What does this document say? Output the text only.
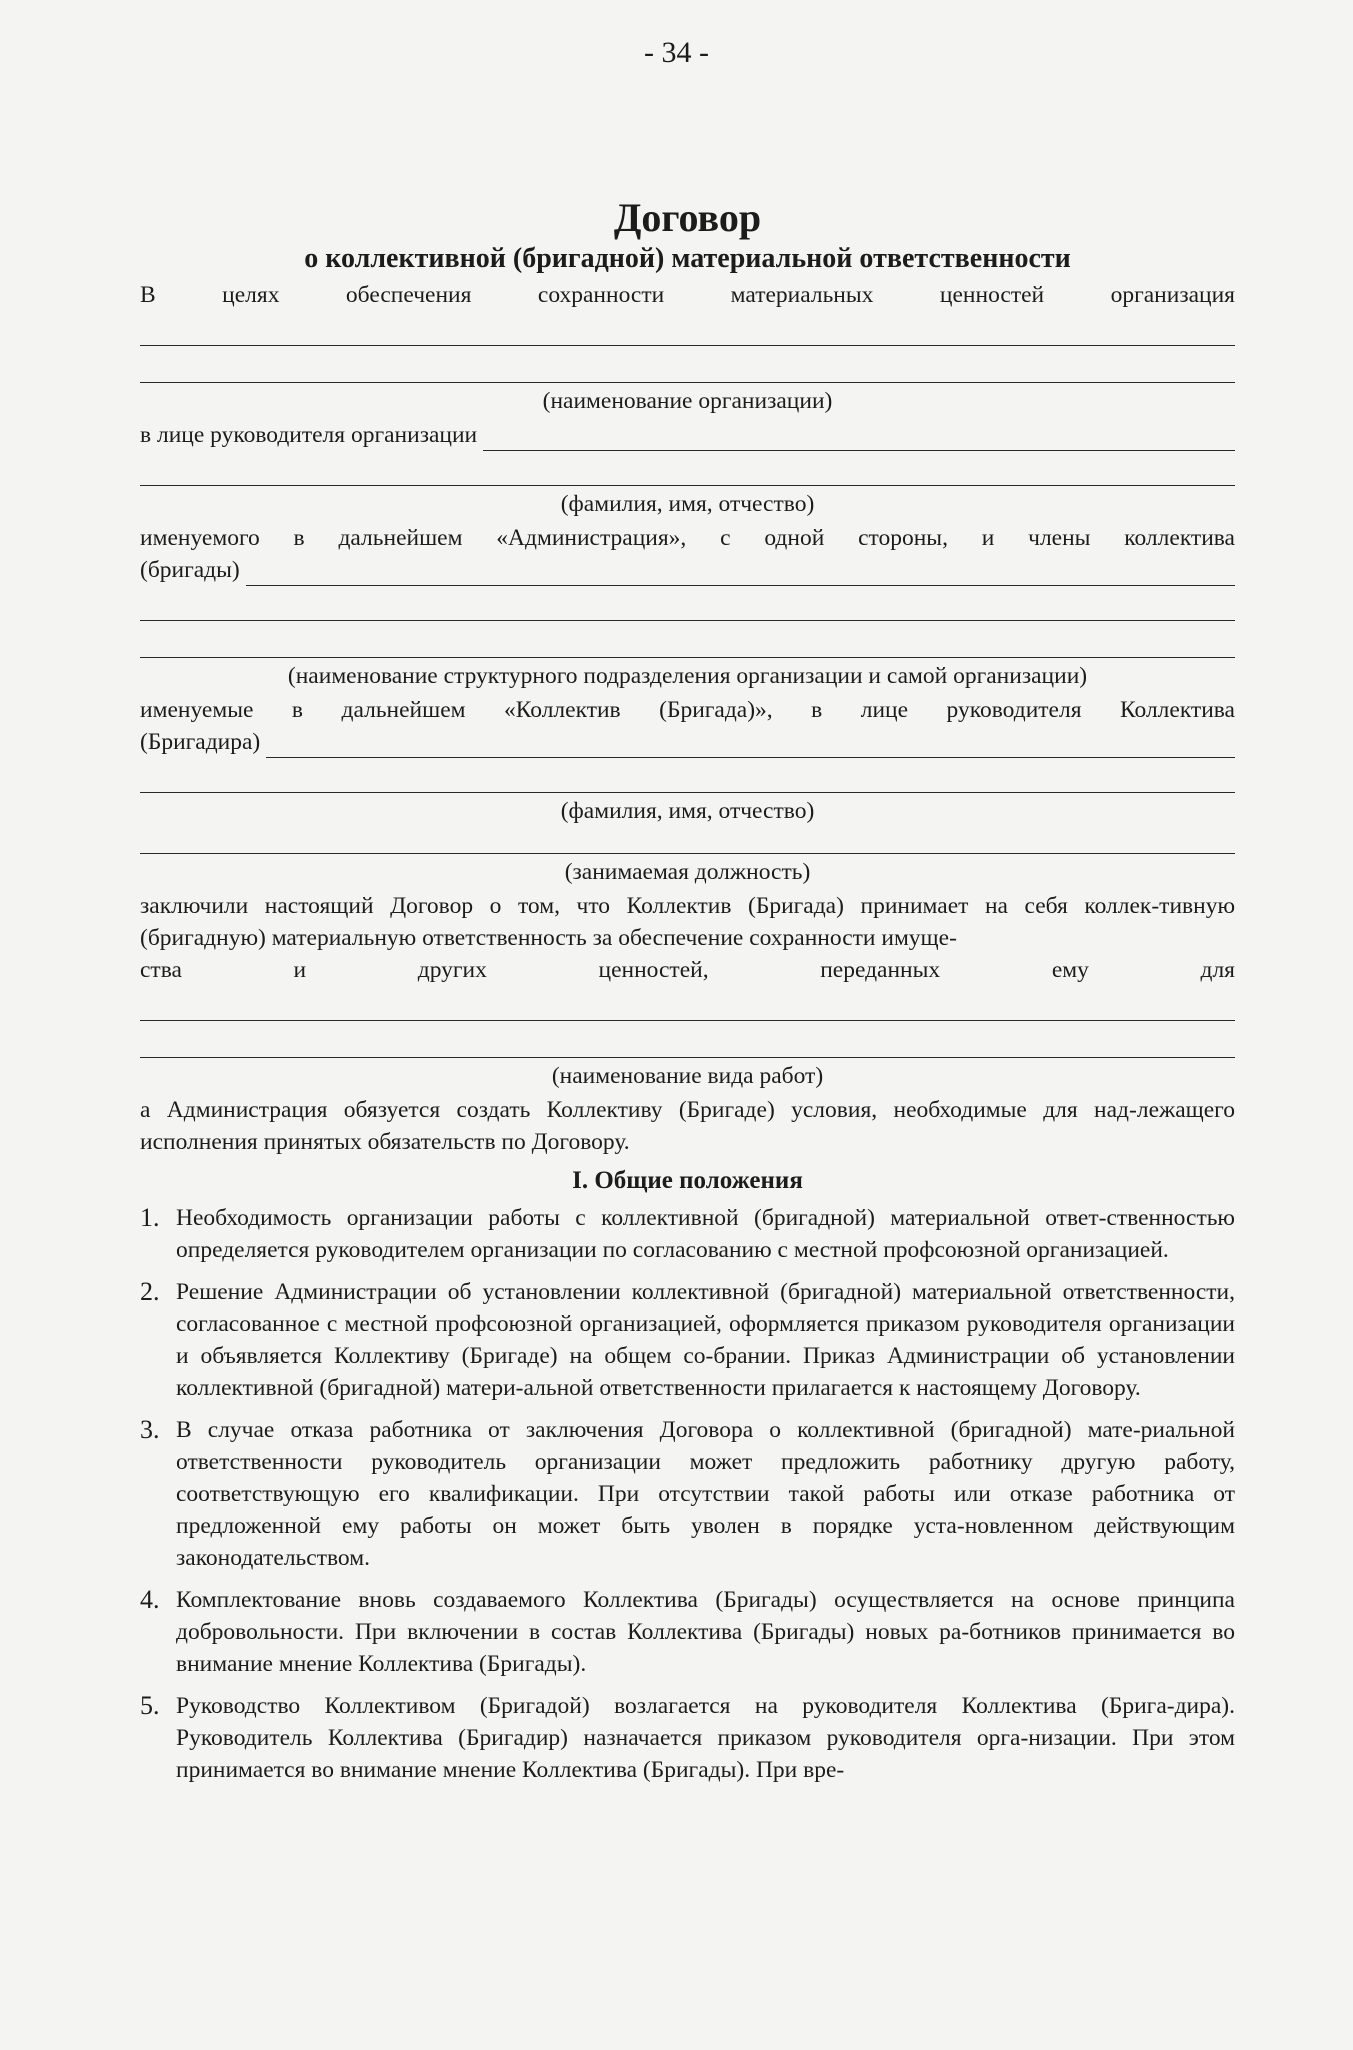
- 34 -
Договор
о коллективной (бригадной) материальной ответственности

В целях обеспечения сохранности материальных ценностей организация

(наименование организации)
в лице руководителя организации
(фамилия, имя, отчество)

именуемого в дальнейшем «Администрация», с одной стороны, и члены коллектива

(бригады)
(наименование структурного подразделения организации и самой организации)

именуемые в дальнейшем «Коллектив (Бригада)», в лице руководителя Коллектива

(Бригадира)
(фамилия, имя, отчество)
(занимаемая должность)

заключили настоящий Договор о том, что Коллектив (Бригада) принимает на себя коллек-тивную (бригадную) материальную ответственность за обеспечение сохранности имуще-

ства и других ценностей, переданных ему для

(наименование вида работ)

а Администрация обязуется создать Коллективу (Бригаде) условия, необходимые для над-лежащего исполнения принятых обязательств по Договору.

I. Общие положения
1. Необходимость организации работы с коллективной (бригадной) материальной ответ-ственностью определяется руководителем организации по согласованию с местной профсоюзной организацией.
2. Решение Администрации об установлении коллективной (бригадной) материальной ответственности, согласованное с местной профсоюзной организацией, оформляется приказом руководителя организации и объявляется Коллективу (Бригаде) на общем со-брании. Приказ Администрации об установлении коллективной (бригадной) матери-альной ответственности прилагается к настоящему Договору.
3. В случае отказа работника от заключения Договора о коллективной (бригадной) мате-риальной ответственности руководитель организации может предложить работнику другую работу, соответствующую его квалификации. При отсутствии такой работы или отказе работника от предложенной ему работы он может быть уволен в порядке уста-новленном действующим законодательством.
4. Комплектование вновь создаваемого Коллектива (Бригады) осуществляется на основе принципа добровольности. При включении в состав Коллектива (Бригады) новых ра-ботников принимается во внимание мнение Коллектива (Бригады).
5. Руководство Коллективом (Бригадой) возлагается на руководителя Коллектива (Брига-дира). Руководитель Коллектива (Бригадир) назначается приказом руководителя орга-низации. При этом принимается во внимание мнение Коллектива (Бригады). При вре-
